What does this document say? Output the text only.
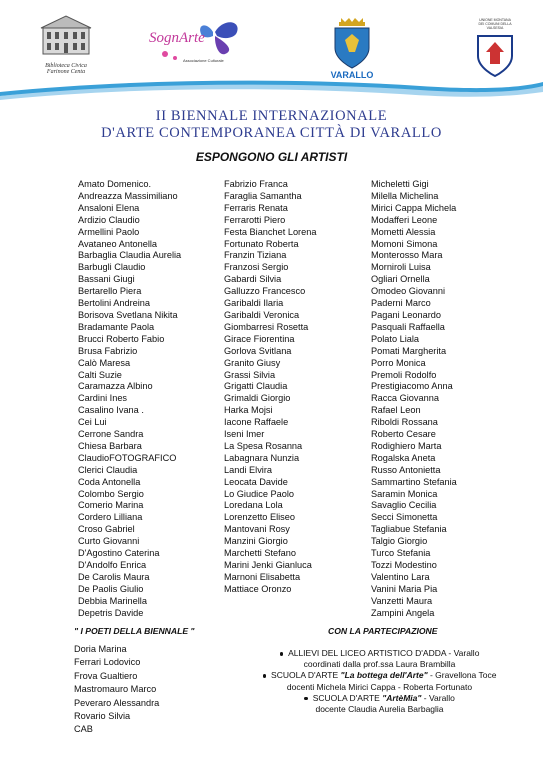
Biblioteca Civica
Farinone Centa
SognArte
Associazione Culturale
VARALLO
UNIONE MONTANA
DEI COMUNI DELLA VALSESIA
II BIENNALE INTERNAZIONALE
D'ARTE CONTEMPORANEA CITTÀ DI VARALLO
ESPONGONO GLI ARTISTI
Amato Domenico.
Andreazza Massimiliano
Ansaloni Elena
Ardizio Claudio
Armellini Paolo
Avataneo Antonella
Barbaglia Claudia Aurelia
Barbugli Claudio
Bassani Giugi
Bertarello Piera
Bertolini Andreina
Borisova Svetlana Nikita
Bradamante Paola
Brucci Roberto Fabio
Brusa Fabrizio
Calò Maresa
Calti Suzie
Caramazza Albino
Cardini Ines
Casalino Ivana .
Cei Lui
Cerrone Sandra
Chiesa Barbara
ClaudioFOTOGRAFICO
Clerici Claudia
Coda Antonella
Colombo Sergio
Comerio Marina
Cordero Lilliana
Croso Gabriel
Curto Giovanni
D'Agostino Caterina
D'Andolfo Enrica
De Carolis Maura
De Paolis Giulio
Debbia Marinella
Depetris Davide
Fabrizio Franca
Faraglia Samantha
Ferraris Renata
Ferrarotti Piero
Festa Bianchet Lorena
Fortunato Roberta
Franzin Tiziana
Franzosi Sergio
Gabardi Silvia
Galluzzo Francesco
Garibaldi Ilaria
Garibaldi Veronica
Giombarresi Rosetta
Girace Fiorentina
Gorlova Svitlana
Granito Giusy
Grassi Silvia
Grigatti Claudia
Grimaldi Giorgio
Harka Mojsi
Iacone Raffaele
Iseni Imer
La Spesa Rosanna
Labagnara Nunzia
Landi Elvira
Leocata Davide
Lo Giudice Paolo
Loredana Lola
Lorenzetto Eliseo
Mantovani Rosy
Manzini Giorgio
Marchetti Stefano
Marini Jenki Gianluca
Marnoni Elisabetta
Mattiace Oronzo
Micheletti Gigi
Milella Michelina
Mirici Cappa Michela
Modafferi Leone
Mometti Alessia
Momoni Simona
Monterosso Mara
Morniroli Luisa
Ogliari Ornella
Omodeo Giovanni
Paderni Marco
Pagani Leonardo
Pasquali Raffaella
Polato Liala
Pomati Margherita
Porro Monica
Premoli Rodolfo
Prestigiacomo Anna
Racca Giovanna
Rafael Leon
Riboldi Rossana
Roberto Cesare
Rodighiero Marta
Rogalska Aneta
Russo Antonietta
Sammartino Stefania
Saramin Monica
Savaglio Cecilia
Secci Simonetta
Tagliabue Stefania
Talgio Giorgio
Turco Stefania
Tozzi Modestino
Valentino Lara
Vanini Maria Pia
Vanzetti Maura
Zampini Angela
" I POETI DELLA BIENNALE "	CON LA PARTECIPAZIONE
Doria Marina
Ferrari Lodovico
Frova Gualtiero
Mastromauro Marco
Peveraro Alessandra
Rovario Silvia
CAB
ALLIEVI DEL LICEO ARTISTICO D'ADDA - Varallo
coordinati dalla prof.ssa Laura Brambilla
SCUOLA D'ARTE "La bottega dell'Arte" - Gravellona Toce
docenti Michela Mirici Cappa - Roberta Fortunato
SCUOLA D'ARTE "ArtèMia" - Varallo
docente Claudia Aurelia Barbaglia
